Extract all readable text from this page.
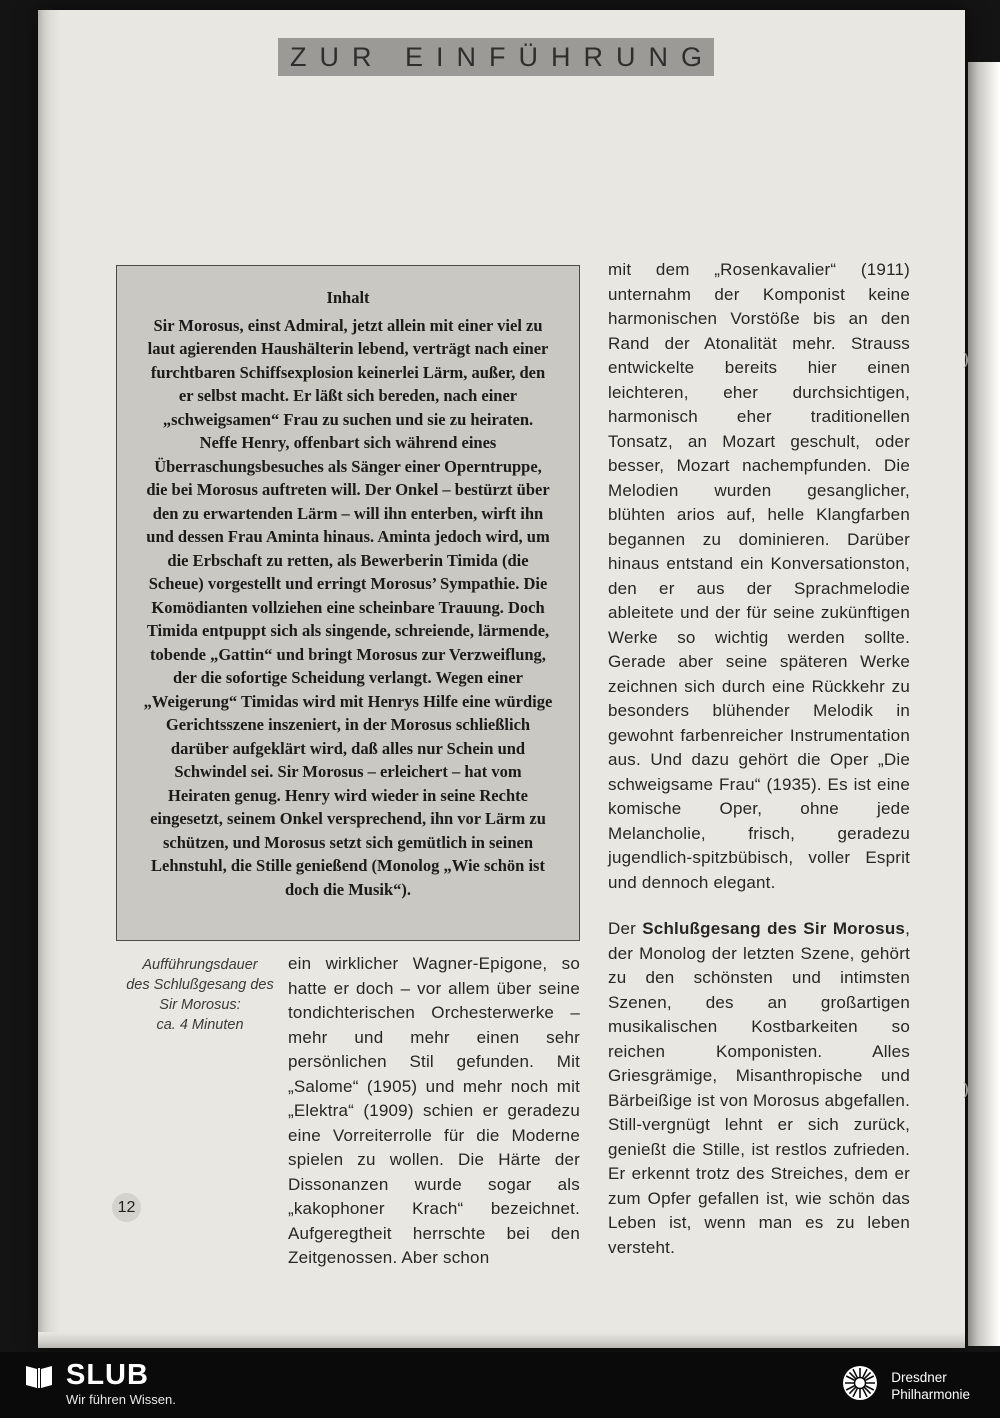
ZUR EINFÜHRUNG
Inhalt
Sir Morosus, einst Admiral, jetzt allein mit einer viel zu laut agierenden Haushälterin lebend, verträgt nach einer furchtbaren Schiffsexplosion keinerlei Lärm, außer, den er selbst macht. Er läßt sich bereden, nach einer „schweigsamen“ Frau zu suchen und sie zu heiraten. Neffe Henry, offenbart sich während eines Überraschungsbesuches als Sänger einer Operntruppe, die bei Morosus auftreten will. Der Onkel – bestürzt über den zu erwartenden Lärm – will ihn enterben, wirft ihn und dessen Frau Aminta hinaus. Aminta jedoch wird, um die Erbschaft zu retten, als Bewerberin Timida (die Scheue) vorgestellt und erringt Morosus’ Sympathie. Die Komödianten vollziehen eine scheinbare Trauung. Doch Timida entpuppt sich als singende, schreiende, lärmende, tobende „Gattin“ und bringt Morosus zur Verzweiflung, der die sofortige Scheidung verlangt. Wegen einer „Weigerung“ Timidas wird mit Henrys Hilfe eine würdige Gerichtsszene inszeniert, in der Morosus schließlich darüber aufgeklärt wird, daß alles nur Schein und Schwindel sei. Sir Morosus – erleichert – hat vom Heiraten genug. Henry wird wieder in seine Rechte eingesetzt, seinem Onkel versprechend, ihn vor Lärm zu schützen, und Morosus setzt sich gemütlich in seinen Lehnstuhl, die Stille genießend (Monolog „Wie schön ist doch die Musik“).
Aufführungsdauer
des Schlußgesang des
Sir Morosus:
ca. 4 Minuten

ein wirklicher Wagner-Epigone, so hatte er doch – vor allem über seine tondichterischen Orchesterwerke – mehr und mehr einen sehr persönlichen Stil gefunden. Mit „Salome“ (1905) und mehr noch mit „Elektra“ (1909) schien er geradezu eine Vorreiterrolle für die Moderne spielen zu wollen. Die Härte der Dissonanzen wurde sogar als „kakophoner Krach“ bezeichnet. Aufgeregtheit herrschte bei den Zeitgenossen. Aber schon

mit dem „Rosenkavalier“ (1911) unternahm der Komponist keine harmonischen Vorstöße bis an den Rand der Atonalität mehr. Strauss entwickelte bereits hier einen leichteren, eher durchsichtigen, harmonisch eher traditionellen Tonsatz, an Mozart geschult, oder besser, Mozart nachempfunden. Die Melodien wurden gesanglicher, blühten arios auf, helle Klangfarben begannen zu dominieren. Darüber hinaus entstand ein Konversationston, den er aus der Sprachmelodie ableitete und der für seine zukünftigen Werke so wichtig werden sollte. Gerade aber seine späteren Werke zeichnen sich durch eine Rückkehr zu besonders blühender Melodik in gewohnt farbenreicher Instrumentation aus. Und dazu gehört die Oper „Die schweigsame Frau“ (1935). Es ist eine komische Oper, ohne jede Melancholie, frisch, geradezu jugendlich-spitzbübisch, voller Esprit und dennoch elegant.

Der Schlußgesang des Sir Morosus, der Monolog der letzten Szene, gehört zu den schönsten und intimsten Szenen, des an großartigen musikalischen Kostbarkeiten so reichen Komponisten. Alles Griesgrämige, Misanthropische und Bärbeißige ist von Morosus abgefallen. Still-vergnügt lehnt er sich zurück, genießt die Stille, ist restlos zufrieden. Er erkennt trotz des Streiches, dem er zum Opfer gefallen ist, wie schön das Leben ist, wenn man es zu leben versteht.

12
SLUB
Wir führen Wissen.
Dresdner
Philharmonie
